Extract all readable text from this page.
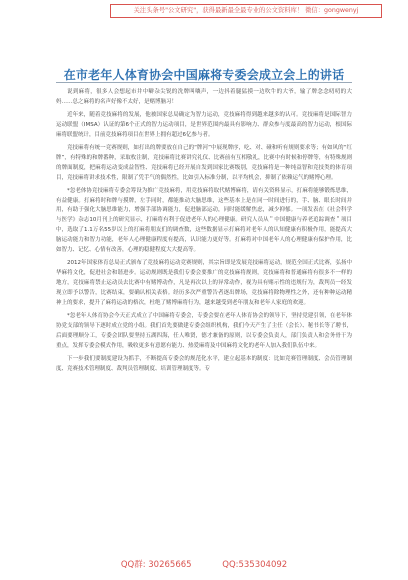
关注头条号"公文研究"，获得最新最全最专业的公文资料库！ 微信：gongwenyj
在市老年人体育协会中国麻将专委会成立会上的讲话

说到麻将，很多人会想起市井中噼杂尖锐的洗牌叫嚷声，一边抖着腿猛摸一边吹牛的大爷，输了牌念念叨叨的大妈……总之麻将的名声好像不太好，是赌博脑习！

近年来，随着竞技麻将的发展，他被国家总局确定为智力运动，竞技麻将得到越来越多的认可。竞技麻将是国际智力运动联盟（IMSA）认证的第6个正式的智力运动项目，是世界范围内最具有影响力、群众参与度最高的智力运动，根国际麻将联盟统计，目前竞技麻将项目在世界上拥有超过6亿参与者。

竞技麻将有统一竞赛规则，如打出的牌要放在自己的“牌河”中展现牌序，吃、对、碰和听有规则要求等；有如风的“红牌”，有特殊的和牌番种，采取枚注制，竞技麻将比赛讲究礼仪、比赛前有互相敬礼，比赛中有时候和停牌等，有特殊规则的牌面制度，把麻将运动变成益智性、竞技麻将已经开展自发到国家比赛级别，竞技麻将是一种纯益智和竞技类的体育项目，竞技麻将讲求技术性，限制了凭手气的偶然性，比如引入标准分制，以平均机会，抑制了依赖运气的赌博心理。

*忽老体协竞技麻将专委会筹设为推广竞技麻将，用竞技麻将取代赌博麻将，请有关资料显示，打麻将能够锻炼思维，有益健康。打麻将时和牌与摸牌，左手同时，都能推动大脑思维，这些基本上是在同一时间进行的，手、脑、眼长时间并用，有助于强化大脑思维能力，增强手部协调能力，促进脑部运动，同时能缓解焦虑，减少抑郁。一项发表在《社会科学与医学》杂志10月刊上的研究显示，打麻将有利于促进老年人的心理健康。研究人员从＂中国健康与养老追踪调查＂项目中，选取了1.1万名55岁以上的打麻将朋友们的调查数，这些数据显示打麻将对老年人的认知健康有积极作用，能提高大脑运动能力和智力功能，老年人心理健康程度有提高，认识能力更好等。打麻将对中国老年人的心理健康有保护作用，比如智力、记忆、心情有改善，心理的稳健程度大大提高等。

2012年国家体育总局正式颁布了竞技麻将运动竞赛规则，其宗旨即是发展竞技麻将运动，规范全国正式比赛，弘扬中华麻将文化，促进社会和谐进步。运动规则既是我们专委会要推广的竞技麻将规则，竞技麻将和普通麻将有很多不一样的地方，竞技麻将禁止运动员去比赛中有赌博动作，凡是再次以上的异常动作，视为具有赌示性的违规行为，裁判员一经发现立即予以警告，比赛结束，要确认相关表格。经历多次严重警告者逐出牌场，竞技麻将除物理性之外，还有种种运动精神上的要求，提升了麻将运动的格次，杜绝了赌博麻将行为，越来越受到老年朋友和老年人家庭的欢迎。

*忽老年人体育协会今天正式成立了中国麻将专委会，专委会要在老年人体育协会的领导下，坚持党建引领，在老年体协党支部的领导下逐时成立党的小组。我们首先要做建专委会组织机构，我们今天产生了主任（会长）、秘书长等了聘书，后面要理顺分工，专委会团队要坚持五湖四海，任人唯贤，德才兼备的原则，以专委会负责人，部门负责人和会务骨干为重点，发挥专委会模式作用，吸收更多有意愿有能力、热爱麻将及中国麻将文化的老年人加入我们队伍中来。

下一步我们要制度建设为抓手，不断提高专委会的规范化水平，建立起基本的制度：比如竞赛管理制度、会员管理制度、竞赛技术管理制度、裁判员管理制度、培训管理制度等。专

QQ群: 30265665	QQ:535304092
